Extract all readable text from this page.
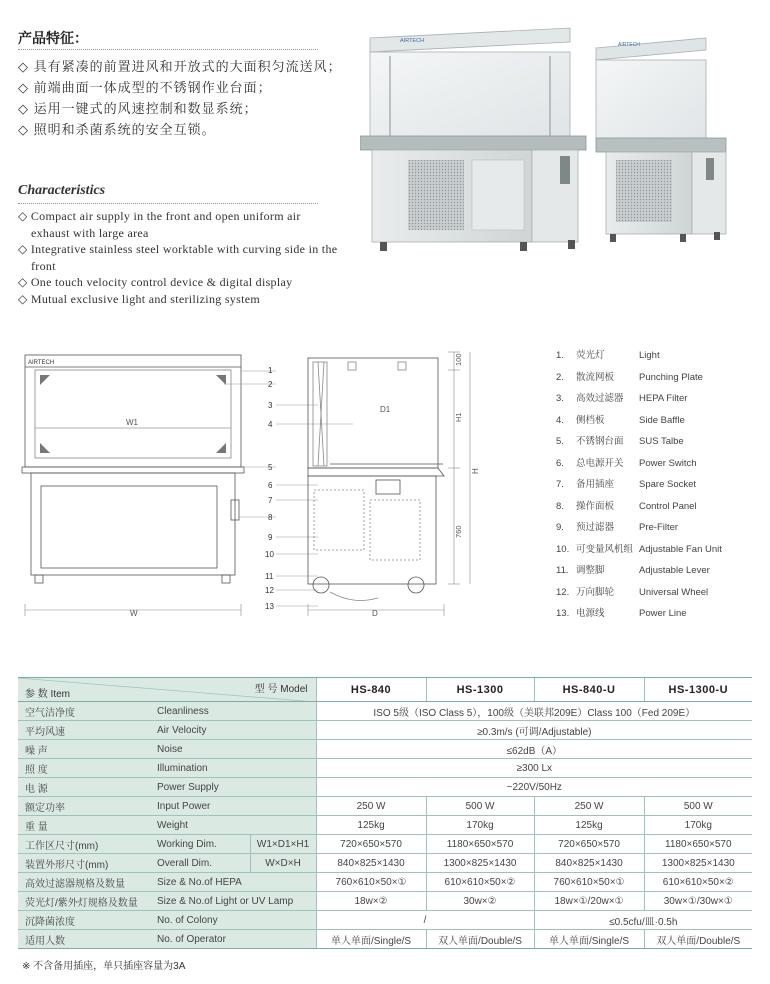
产品特征：
◇ 具有紧凑的前置进风和开放式的大面积匀流送风；
◇ 前端曲面一体成型的不锈钢作业台面；
◇ 运用一键式的风速控制和数显系统；
◇ 照明和杀菌系统的安全互锁。
Characteristics
◇ Compact air supply in the front and open uniform air exhaust with large area
◇ Integrative stainless steel worktable with curving side in the front
◇ One touch velocity control device & digital display
◇ Mutual exclusive light and sterilizing system
AIRTECH
AIRTECH
AIRTECH
W1
W
1
2
3
4
5
6
7
8
9
10
11
12
13
D1
D
100
H1
760
H
1. 荧光灯	Light
2. 散流网板	Punching Plate
3. 高效过滤器 HEPA Filter
4. 侧档板	Side Baffle
5. 不锈钢台面 SUS Talbe
6. 总电源开关 Power Switch
7. 备用插座	Spare Socket
8. 操作面板	Control Panel
9. 预过滤器	Pre-Filter
10. 可变量风机组 Adjustable Fan Unit
11. 调整脚	Adjustable Lever
12. 万向脚轮	Universal Wheel
13. 电源线	Power Line
型 号 Model
参 数 Item			HS-840	HS-1300	HS-840-U	HS-1300-U
空气洁净度	Cleanliness		ISO 5级（ISO Class 5），100级（美联邦209E）Class 100（Fed 209E）			
平均风速	Air Velocity		≥0.3m/s (可调/Adjustable)			
噪 声	Noise		≤62dB（A）			
照 度	Illumination		≥300 Lx			
电 源	Power Supply		~220V/50Hz			
额定功率	Input Power		250 W	500 W	250 W	500 W
重 量	Weight		125kg	170kg	125kg	170kg
工作区尺寸(mm)	Working Dim.	W1×D1×H1	720×650×570	1180×650×570	720×650×570	1180×650×570
装置外形尺寸(mm)	Overall Dim.	W×D×H	840×825×1430	1300×825×1430	840×825×1430	1300×825×1430
高效过滤器规格及数量	Size & No.of HEPA		760×610×50×①	610×610×50×②	760×610×50×①	610×610×50×②
荧光灯/紫外灯规格及数量	Size & No.of Light or UV Lamp		18w×②	30w×②	18w×①/20w×①	30w×①/30w×①
沉降菌浓度	No. of Colony		/		≤0.5cfu/皿·0.5h	
适用人数	No. of Operator		单人单面/Single/S	双人单面/Double/S	单人单面/Single/S	双人单面/Double/S
※ 不含备用插座，单只插座容量为3A
